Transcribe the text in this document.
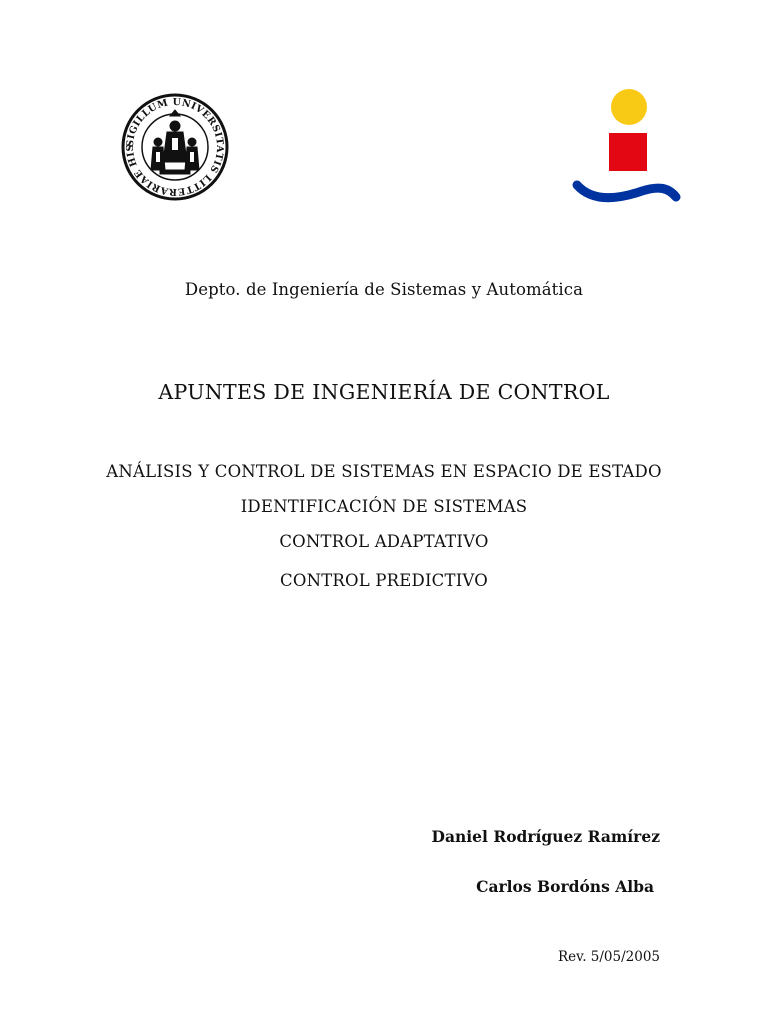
SIGILLUM UNIVERSITATIS LITTERARIAE HIS
Depto. de Ingeniería de Sistemas y Automática
APUNTES DE INGENIERÍA DE CONTROL
ANÁLISIS Y CONTROL DE SISTEMAS EN ESPACIO DE ESTADO
IDENTIFICACIÓN DE SISTEMAS
CONTROL ADAPTATIVO
CONTROL PREDICTIVO
Daniel Rodríguez Ramírez
Carlos Bordóns Alba
Rev. 5/05/2005
